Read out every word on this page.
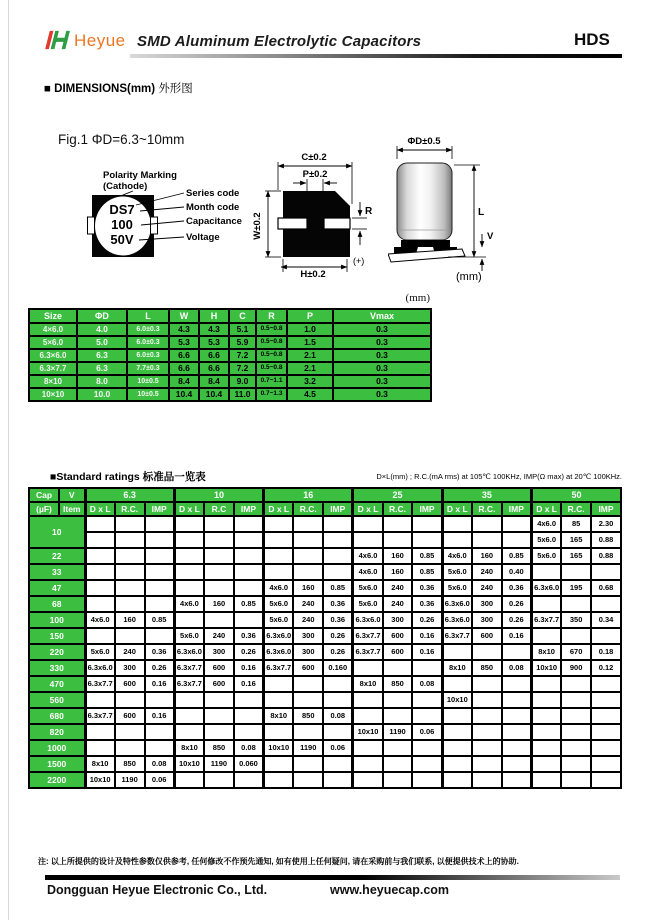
Heyue SMD Aluminum Electrolytic Capacitors	HDS
■ DIMENSIONS(mm) 外形图
Fig.1 ΦD=6.3~10mm
Polarity Marking
(Cathode)
DS7
100
50V
Series code
Month code
Capacitance
Voltage
C±0.2
P±0.2
W±0.2
H±0.2
R
(+)
ΦD±0.5
L
V
(mm)
(mm)
Size	ΦD	L	W	H	C	R	P	Vmax
4×6.0	4.0	6.0±0.3	4.3	4.3	5.1	0.5~0.8	1.0	0.3
5×6.0	5.0	6.0±0.3	5.3	5.3	5.9	0.5~0.8	1.5	0.3
6.3×6.0	6.3	6.0±0.3	6.6	6.6	7.2	0.5~0.8	2.1	0.3
6.3×7.7	6.3	7.7±0.3	6.6	6.6	7.2	0.5~0.8	2.1	0.3
8×10	8.0	10±0.5	8.4	8.4	9.0	0.7~1.1	3.2	0.3
10×10	10.0	10±0.5	10.4	10.4	11.0	0.7~1.3	4.5	0.3
■Standard ratings 标准品一览表	D×L(mm) ; R.C.(mA rms) at 105℃ 100KHz, IMP(Ω max) at 20℃ 100KHz.
Cap	V	6.3			10			16			25			35			50		
(µF)	Item	D x L	R.C.	IMP	D x L	R.C	IMP	D x L	R.C.	IMP	D x L	R.C.	IMP	D x L	R.C.	IMP	D x L	R.C.	IMP
10																	4x6.0	85	2.30
																	5x6.0	165	0.88
22											4x6.0	160	0.85	4x6.0	160	0.85	5x6.0	165	0.88
33											4x6.0	160	0.85	5x6.0	240	0.40			
47								4x6.0	160	0.85	5x6.0	240	0.36	5x6.0	240	0.36	6.3x6.0	195	0.68
68					4x6.0	160	0.85	5x6.0	240	0.36	5x6.0	240	0.36	6.3x6.0	300	0.26			
100		4x6.0	160	0.85				5x6.0	240	0.36	6.3x6.0	300	0.26	6.3x6.0	300	0.26	6.3x7.7	350	0.34
150					5x6.0	240	0.36	6.3x6.0	300	0.26	6.3x7.7	600	0.16	6.3x7.7	600	0.16			
220		5x6.0	240	0.36	6.3x6.0	300	0.26	6.3x6.0	300	0.26	6.3x7.7	600	0.16				8x10	670	0.18
330		6.3x6.0	300	0.26	6.3x7.7	600	0.16	6.3x7.7	600	0.160				8x10	850	0.08	10x10	900	0.12
470		6.3x7.7	600	0.16	6.3x7.7	600	0.16				8x10	850	0.08						
560														10x10					
680		6.3x7.7	600	0.16				8x10	850	0.08									
820											10x10	1190	0.06						
1000					8x10	850	0.08	10x10	1190	0.06									
1500		8x10	850	0.08	10x10	1190	0.060												
2200		10x10	1190	0.06															
注: 以上所提供的设计及特性参数仅供参考, 任何修改不作预先通知, 如有使用上任何疑问, 请在采购前与我们联系, 以便提供技术上的协助.
Dongguan Heyue Electronic Co., Ltd.	www.heyuecap.com
